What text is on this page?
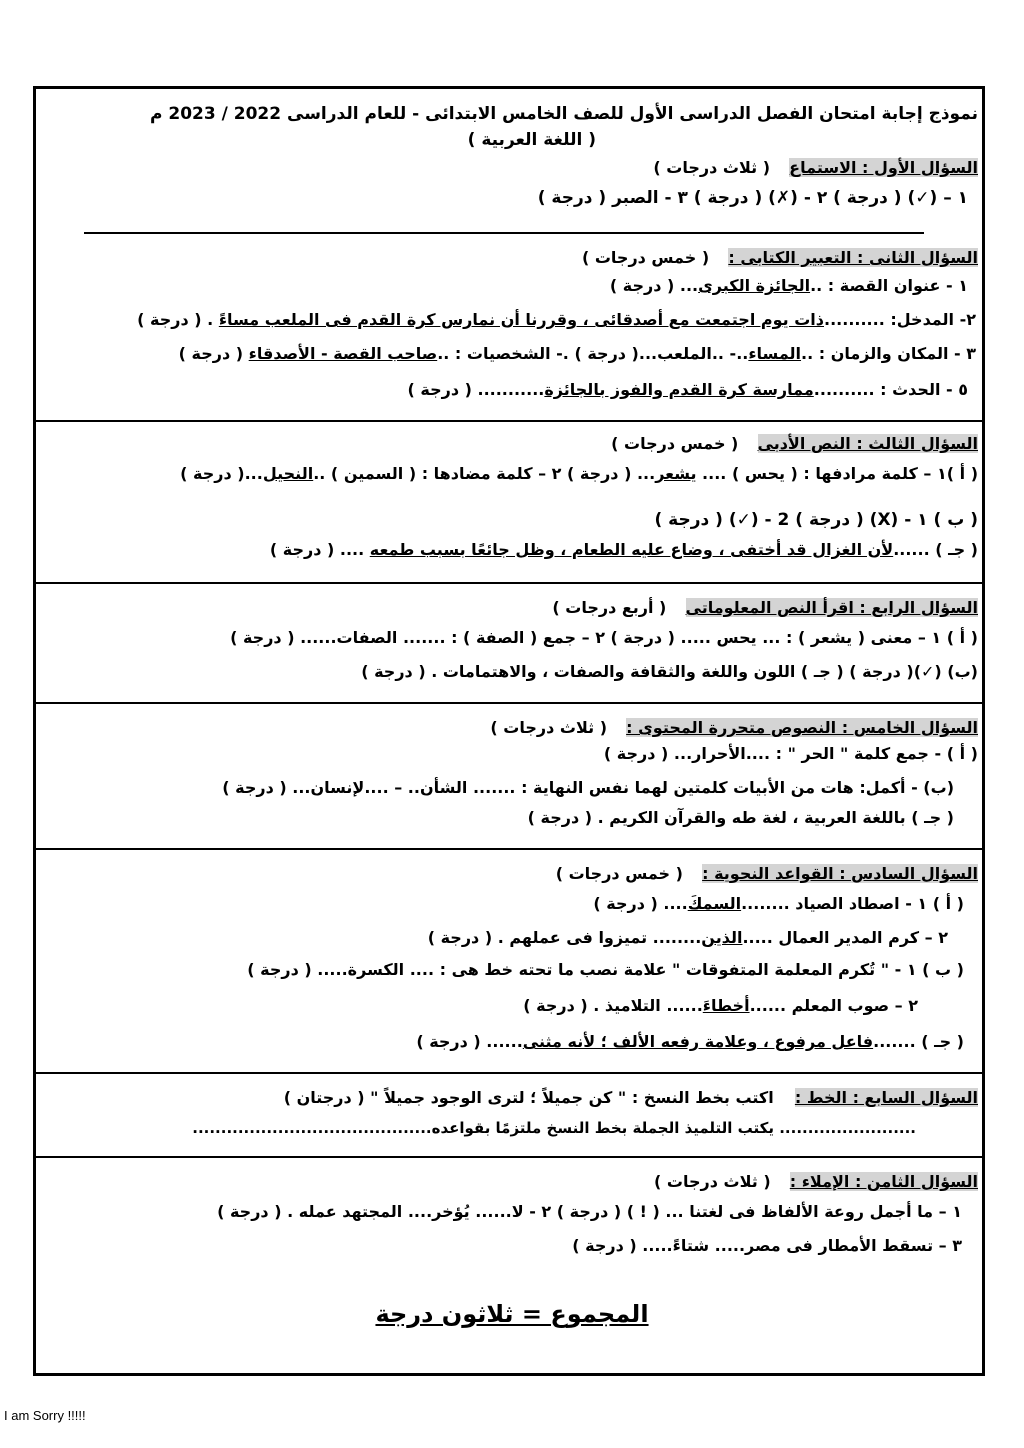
نموذج إجابة امتحان الفصل الدراسى الأول للصف الخامس الابتدائى - للعام الدراسى 2022 / 2023 م
( اللغة العربية )
السؤال الأول : الاستماع  ( ثلاث درجات )
١ – (✓) ( درجة ) ٢ - (✗) ( درجة ) ٣ - الصبر ( درجة )
السؤال الثانى : التعبير الكتابى :  ( خمس درجات )
١ - عنوان القصة : ..الجائزة الكبرى... ( درجة )
٢- المدخل: ..........ذات يوم اجتمعت مع أصدقائى ، وقررنا أن نمارس كرة القدم فى الملعب مساءً . ( درجة )
٣ - المكان والزمان : ..المساء..- ..الملعب...( درجة ) .- الشخصيات : ..صاحب القصة - الأصدقاء ( درجة )
٥ - الحدث : ..........ممارسة كرة القدم والفوز بالجائزة........... ( درجة )
السؤال الثالث : النص الأدبى  ( خمس درجات )
( أ )١ – كلمة مرادفها : ( يحس ) .... يشعر... ( درجة ) ٢ – كلمة مضادها : ( السمين ) ..النحيل...( درجة )
( ب ) ١ - (X) ( درجة ) 2 - (✓) ( درجة )
( جـ ) ......لأن الغزال قد أختفى ، وضاع عليه الطعام ، وظل جائعًا بسبب طمعه .... ( درجة )
السؤال الرابع : اقرأ النص المعلوماتى  ( أربع درجات )
( أ ) ١ – معنى ( يشعر ) : ... يحس ..... ( درجة ) ٢ – جمع ( الصفة ) : ....... الصفات...... ( درجة )
(ب) (✓)( درجة ) ( جـ ) اللون واللغة والثقافة والصفات ، والاهتمامات . ( درجة )
السؤال الخامس : النصوص متحررة المحتوى :  ( ثلاث درجات )
( أ ) - جمع كلمة " الحر " : ....الأحرار... ( درجة )
(ب) - أكمل: هات من الأبيات كلمتين لهما نفس النهاية : ....... الشأن.. – ....لإنسان... ( درجة )
( جـ ) باللغة العربية ، لغة طه والقرآن الكريم . ( درجة )
السؤال السادس : القواعد النحوية :  ( خمس درجات )
( أ ) ١ - اصطاد الصياد ........السمكَ.... ( درجة )
٢ – كرم المدير العمال .....الذين........ تميزوا فى عملهم . ( درجة )
( ب ) ١ - " تُكرم المعلمة المتفوقات " علامة نصب ما تحته خط هى : .... الكسرة..... ( درجة )
٢ – صوب المعلم ......أخطاءَ...... التلاميذ . ( درجة )
( جـ ) .......فاعل مرفوع ، وعلامة رفعه الألف ؛ لأنه مثنى...... ( درجة )
السؤال السابع : الخط :  اكتب بخط النسخ : " كن جميلاً ؛ لترى الوجود جميلاً " ( درجتان )
........................ يكتب التلميذ الجملة بخط النسخ ملتزمًا بقواعده..........................................
السؤال الثامن : الإملاء :  ( ثلاث درجات )
١ – ما أجمل روعة الألفاظ فى لغتنا ... ( ! ) ( درجة ) ٢ - لا...... يُؤخر.... المجتهد عمله . ( درجة )
٣ – تسقط الأمطار فى مصر..... شتاءً..... ( درجة )
المجموع = ثلاثون درجة
I am Sorry !!!!!
